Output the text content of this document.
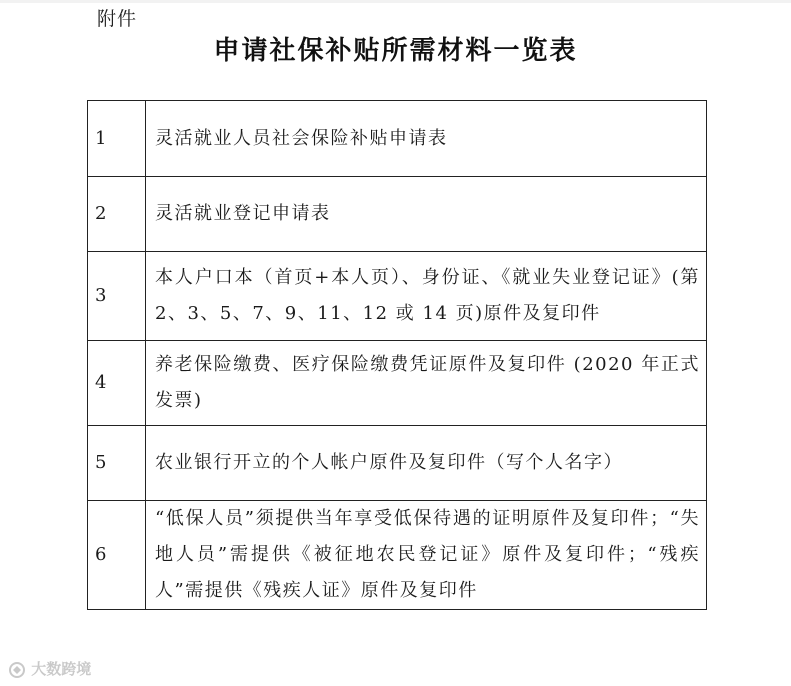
附件
申请社保补贴所需材料一览表
1	灵活就业人员社会保险补贴申请表
2	灵活就业登记申请表
3	本人户口本（首页+本人页）、身份证、《就业失业登记证》(第 2、3、5、7、9、11、12 或 14 页)原件及复印件
4	养老保险缴费、医疗保险缴费凭证原件及复印件 (2020 年正式发票)
5	农业银行开立的个人帐户原件及复印件（写个人名字）
6	“低保人员”须提供当年享受低保待遇的证明原件及复印件；“失地人员”需提供《被征地农民登记证》原件及复印件；“残疾人”需提供《残疾人证》原件及复印件
大数跨境
